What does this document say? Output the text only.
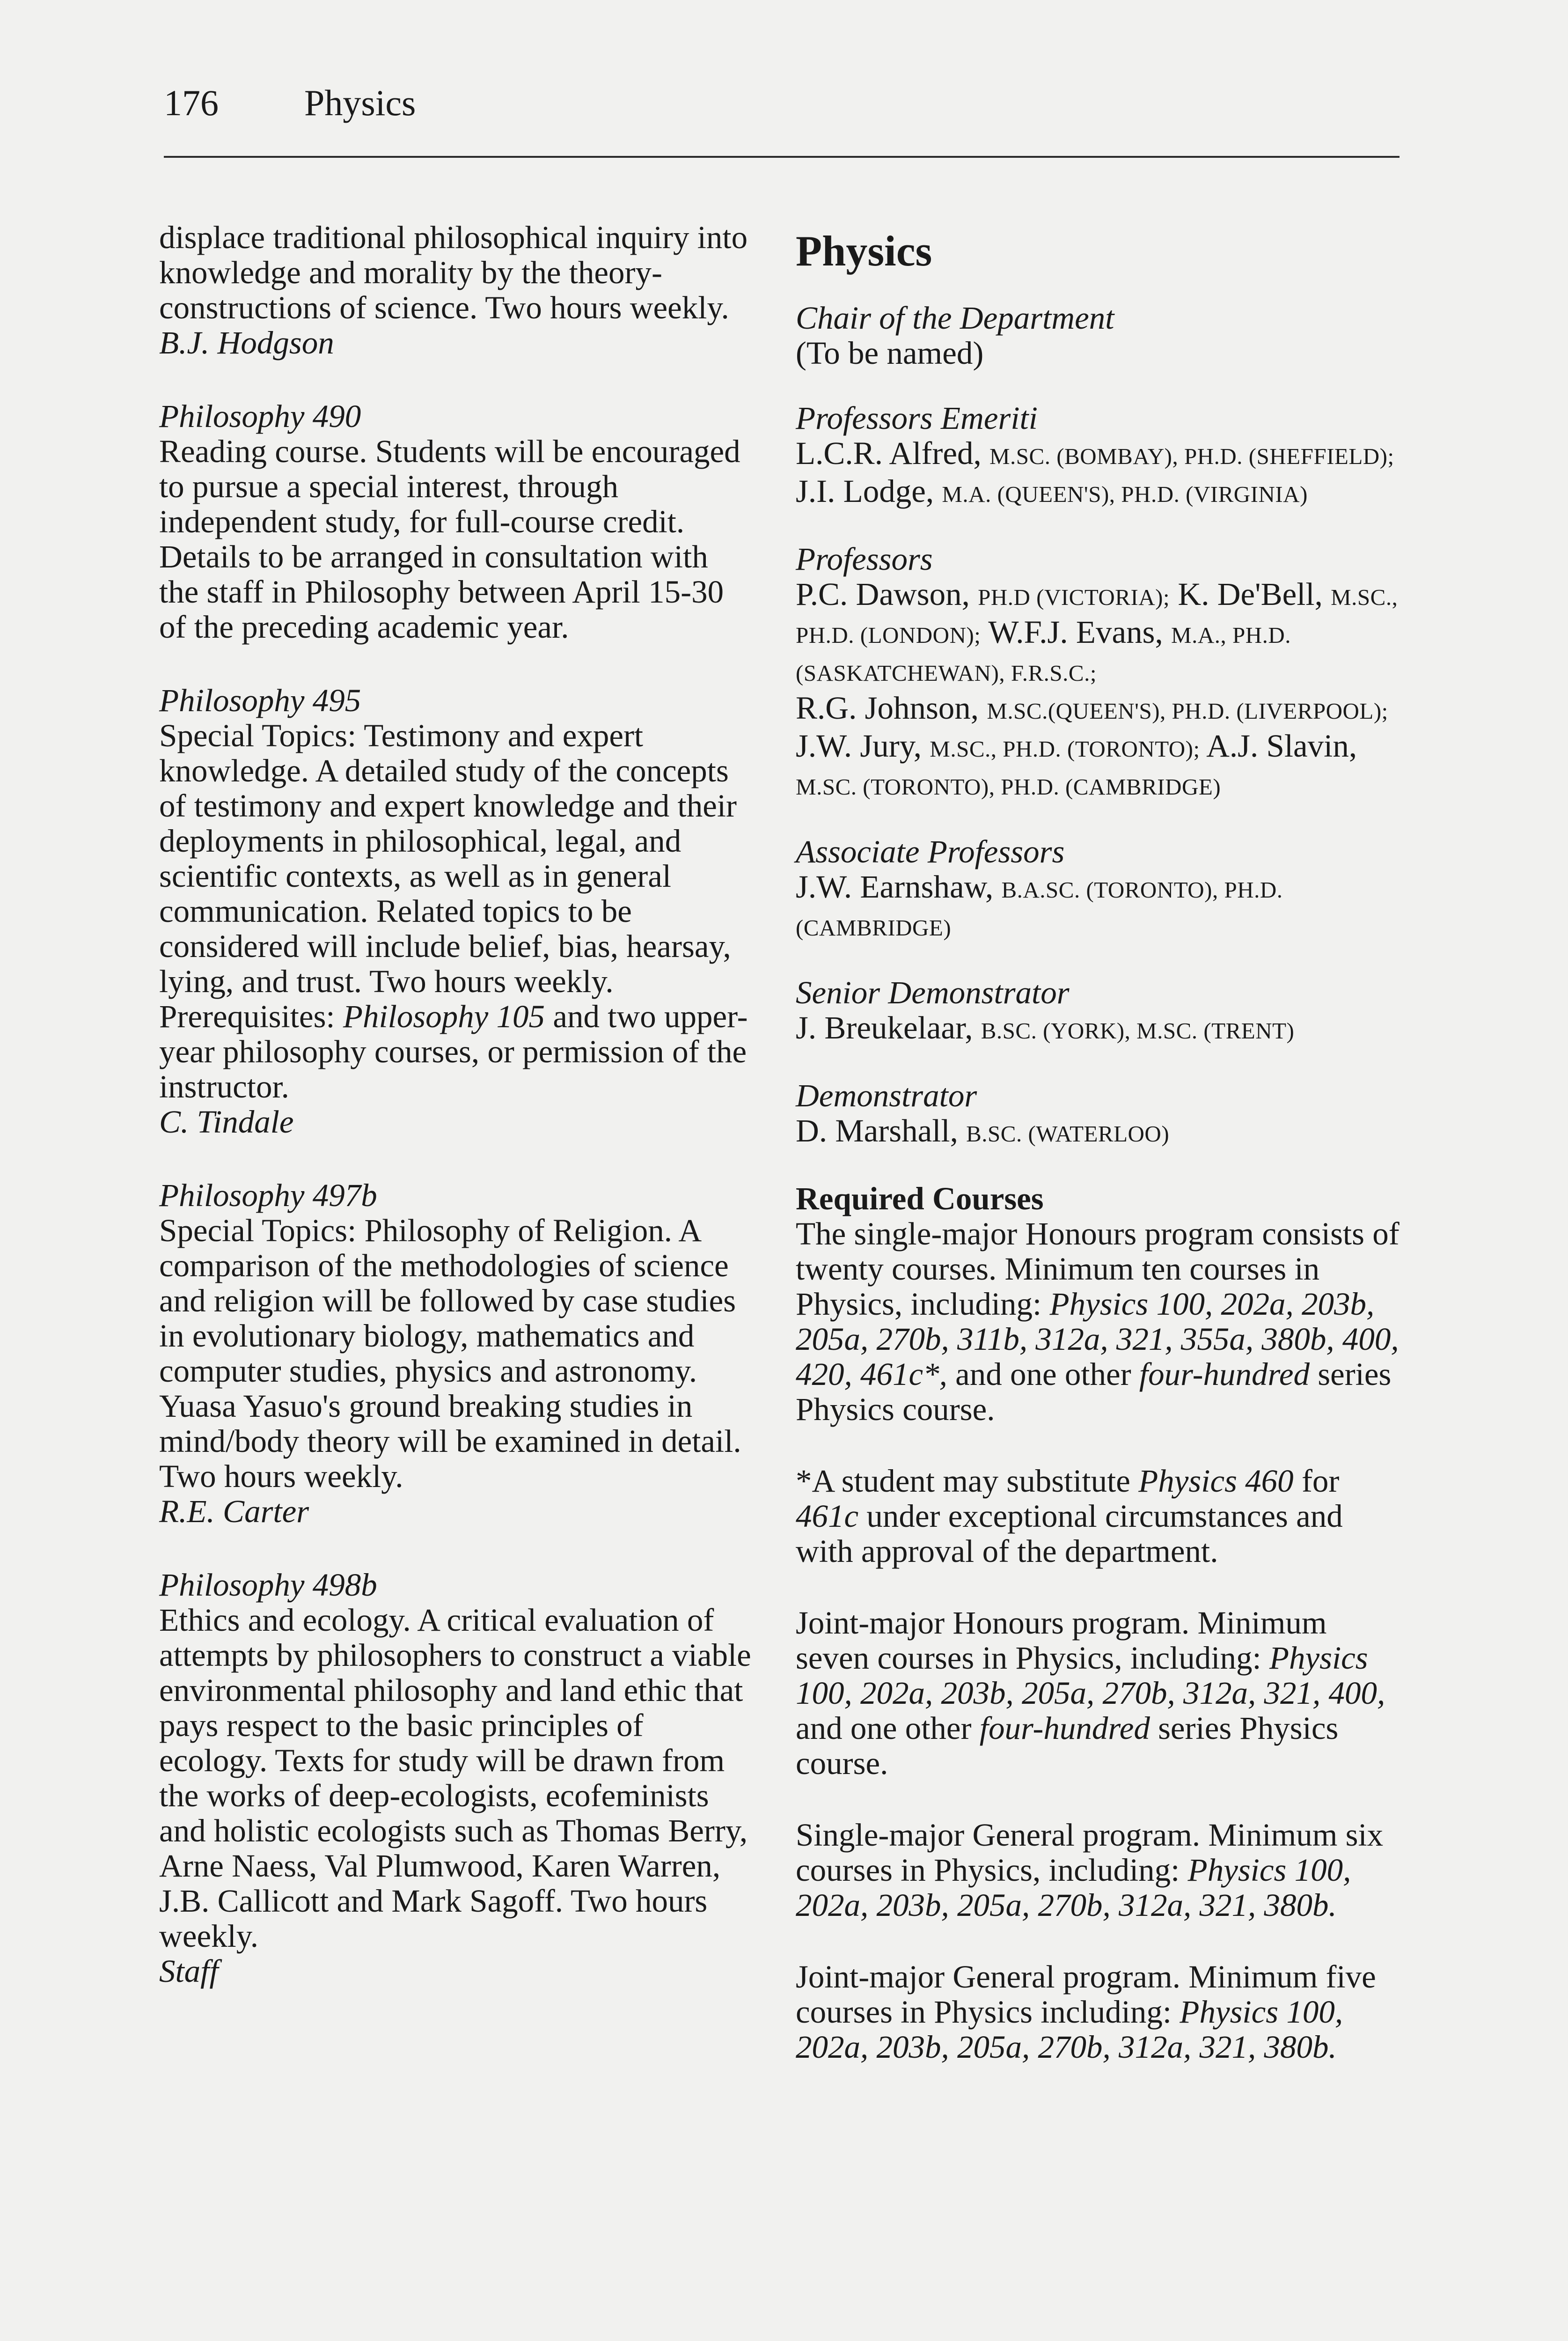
176 Physics

displace traditional philosophical inquiry into knowledge and morality by the theory-constructions of science. Two hours weekly.

B.J. Hodgson

Philosophy 490

Reading course. Students will be encouraged to pursue a special interest, through independent study, for full-course credit. Details to be arranged in consultation with the staff in Philosophy between April 15-30 of the preceding academic year.

Philosophy 495

Special Topics: Testimony and expert knowledge. A detailed study of the concepts of testimony and expert knowledge and their deployments in philosophical, legal, and scientific contexts, as well as in general communication. Related topics to be considered will include belief, bias, hearsay, lying, and trust. Two hours weekly.

Prerequisites: Philosophy 105 and two upper-year philosophy courses, or permission of the instructor.

C. Tindale

Philosophy 497b

Special Topics: Philosophy of Religion. A comparison of the methodologies of science and religion will be followed by case studies in evolutionary biology, mathematics and computer studies, physics and astronomy. Yuasa Yasuo's ground breaking studies in mind/body theory will be examined in detail. Two hours weekly.

R.E. Carter

Philosophy 498b

Ethics and ecology. A critical evaluation of attempts by philosophers to construct a viable environmental philosophy and land ethic that pays respect to the basic principles of ecology. Texts for study will be drawn from the works of deep-ecologists, ecofeminists and holistic ecologists such as Thomas Berry, Arne Naess, Val Plumwood, Karen Warren, J.B. Callicott and Mark Sagoff. Two hours weekly.

Staff

Physics

Chair of the Department

(To be named)

Professors Emeriti

L.C.R. Alfred, M.SC. (BOMBAY), PH.D. (SHEFFIELD); J.I. Lodge, M.A. (QUEEN'S), PH.D. (VIRGINIA)

Professors

P.C. Dawson, PH.D (VICTORIA); K. De'Bell, M.SC., PH.D. (LONDON); W.F.J. Evans, M.A., PH.D. (SASKATCHEWAN), F.R.S.C.;
R.G. Johnson, M.SC.(QUEEN'S), PH.D. (LIVERPOOL); J.W. Jury, M.SC., PH.D. (TORONTO); A.J. Slavin, M.SC. (TORONTO), PH.D. (CAMBRIDGE)

Associate Professors

J.W. Earnshaw, B.A.SC. (TORONTO), PH.D. (CAMBRIDGE)

Senior Demonstrator

J. Breukelaar, B.SC. (YORK), M.SC. (TRENT)

Demonstrator

D. Marshall, B.SC. (WATERLOO)

Required Courses

The single-major Honours program consists of twenty courses. Minimum ten courses in Physics, including: Physics 100, 202a, 203b, 205a, 270b, 311b, 312a, 321, 355a, 380b, 400, 420, 461c*, and one other four-hundred series Physics course.

*A student may substitute Physics 460 for 461c under exceptional circumstances and with approval of the department.

Joint-major Honours program. Minimum seven courses in Physics, including: Physics 100, 202a, 203b, 205a, 270b, 312a, 321, 400, and one other four-hundred series Physics course.

Single-major General program. Minimum six courses in Physics, including: Physics 100, 202a, 203b, 205a, 270b, 312a, 321, 380b.

Joint-major General program. Minimum five courses in Physics including: Physics 100, 202a, 203b, 205a, 270b, 312a, 321, 380b.
